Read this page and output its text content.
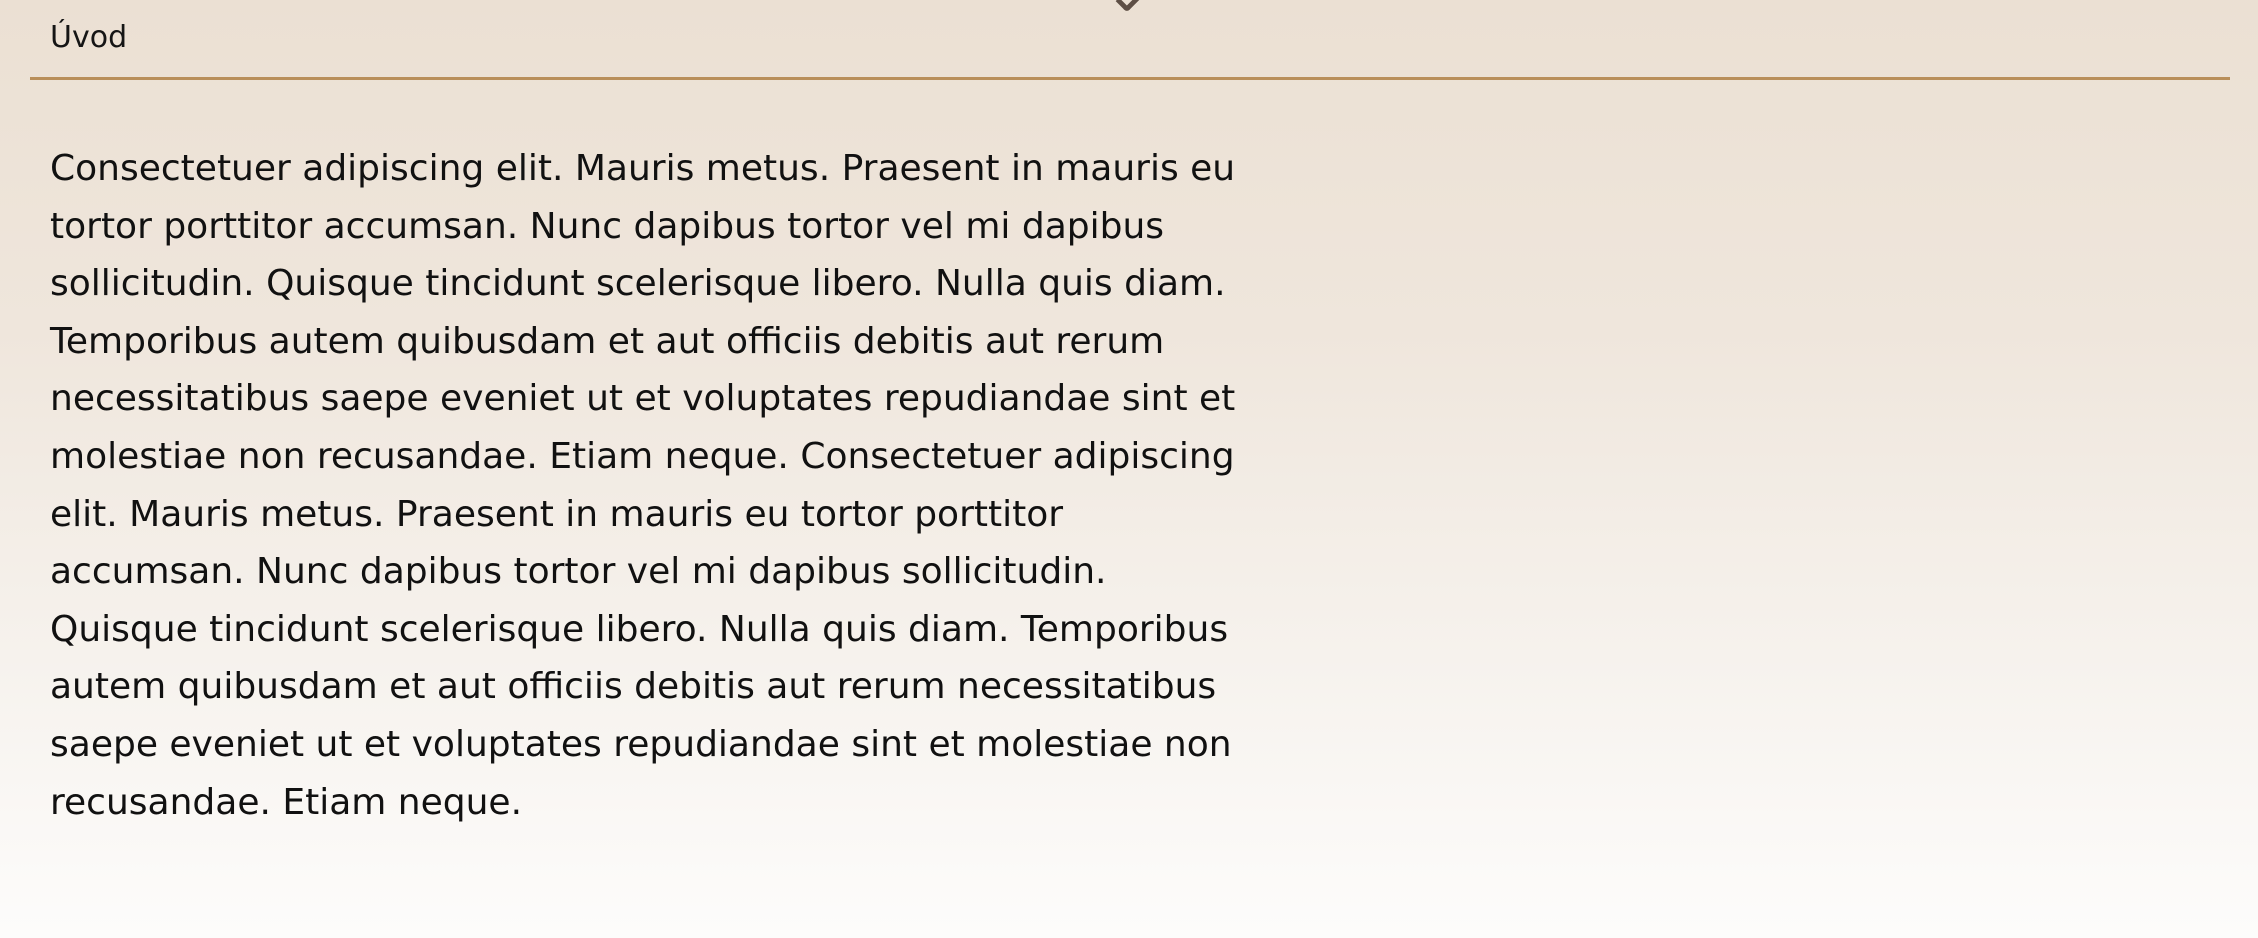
Úvod

Consectetuer adipiscing elit. Mauris metus. Praesent in mauris eu tortor porttitor accumsan. Nunc dapibus tortor vel mi dapibus sollicitudin. Quisque tincidunt scelerisque libero. Nulla quis diam. Temporibus autem quibusdam et aut officiis debitis aut rerum necessitatibus saepe eveniet ut et voluptates repudiandae sint et molestiae non recusandae. Etiam neque. Consectetuer adipiscing elit. Mauris metus. Praesent in mauris eu tortor porttitor accumsan. Nunc dapibus tortor vel mi dapibus sollicitudin. Quisque tincidunt scelerisque libero. Nulla quis diam. Temporibus autem quibusdam et aut officiis debitis aut rerum necessitatibus saepe eveniet ut et voluptates repudiandae sint et molestiae non recusandae. Etiam neque.
